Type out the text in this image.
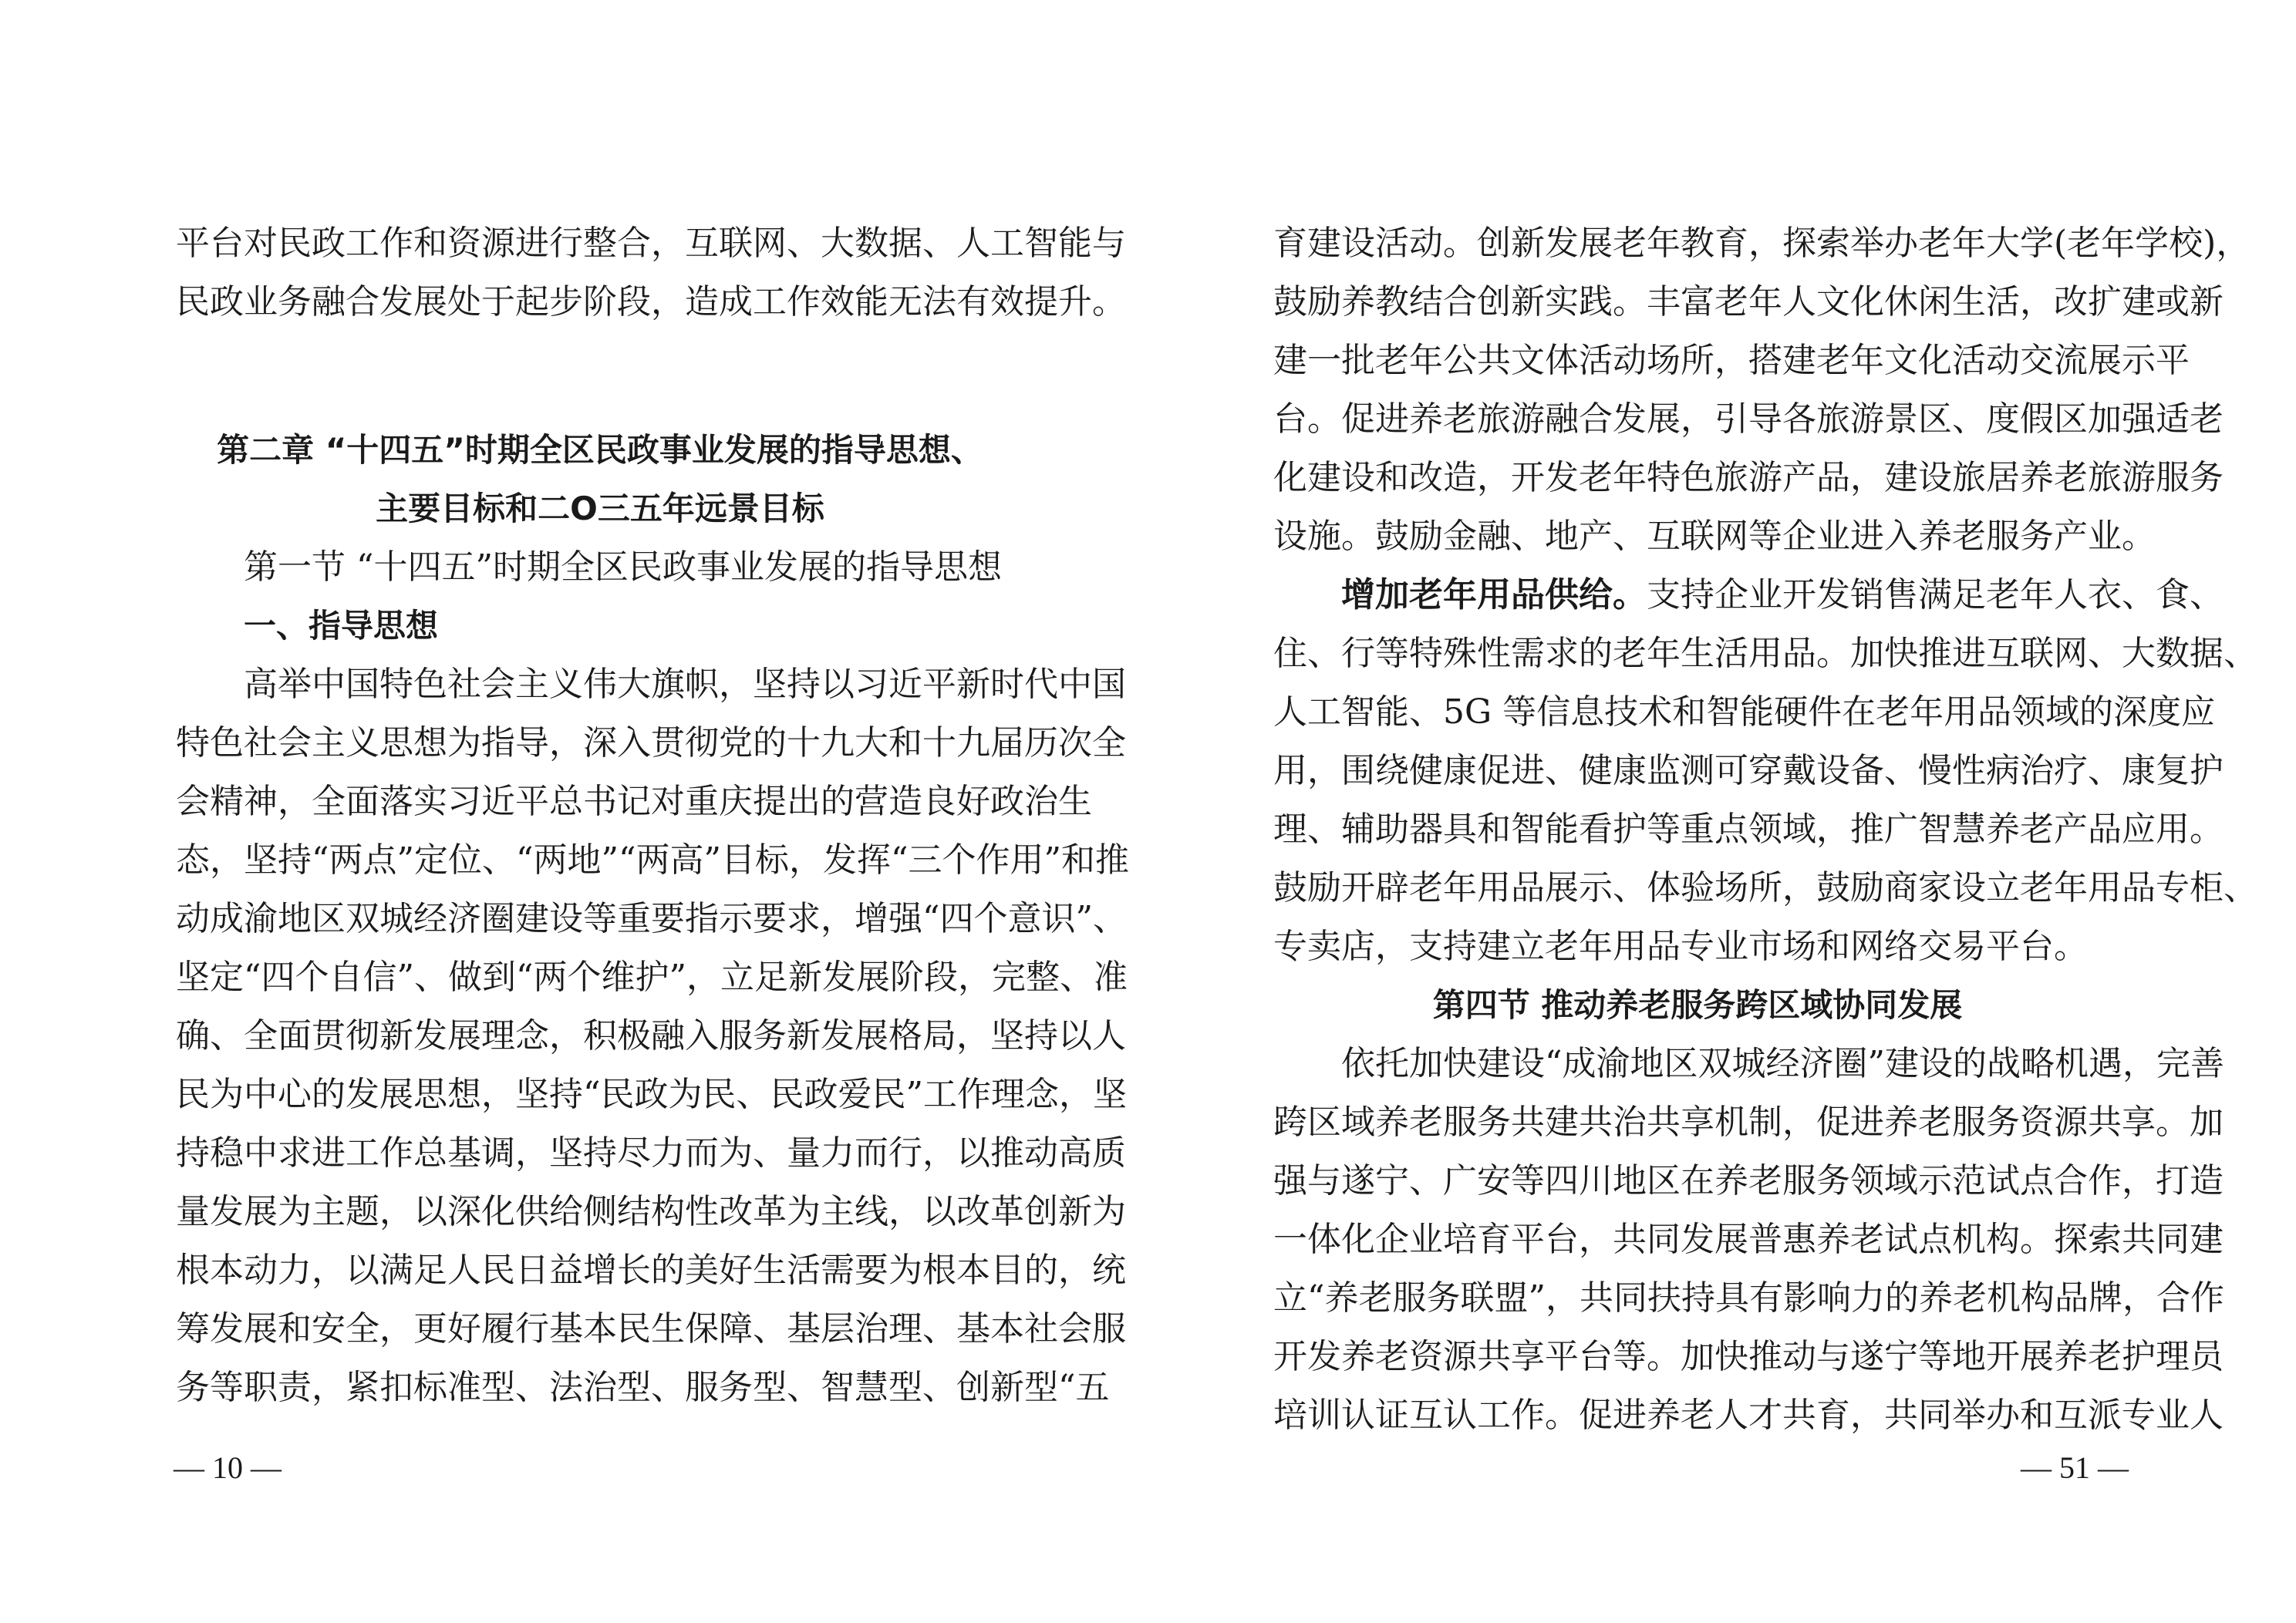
平台对民政工作和资源进行整合，互联网、大数据、人工智能与
民政业务融合发展处于起步阶段，造成工作效能无法有效提升。
第二章 “十四五”时期全区民政事业发展的指导思想、
主要目标和二O三五年远景目标
第一节 “十四五”时期全区民政事业发展的指导思想
一、指导思想
高举中国特色社会主义伟大旗帜，坚持以习近平新时代中国
特色社会主义思想为指导，深入贯彻党的十九大和十九届历次全
会精神，全面落实习近平总书记对重庆提出的营造良好政治生
态，坚持“两点”定位、“两地”“两高”目标，发挥“三个作用”和推
动成渝地区双城经济圈建设等重要指示要求，增强“四个意识”、
坚定“四个自信”、做到“两个维护”，立足新发展阶段，完整、准
确、全面贯彻新发展理念，积极融入服务新发展格局，坚持以人
民为中心的发展思想，坚持“民政为民、民政爱民”工作理念，坚
持稳中求进工作总基调，坚持尽力而为、量力而行，以推动高质
量发展为主题，以深化供给侧结构性改革为主线，以改革创新为
根本动力，以满足人民日益增长的美好生活需要为根本目的，统
筹发展和安全，更好履行基本民生保障、基层治理、基本社会服
务等职责，紧扣标准型、法治型、服务型、智慧型、创新型“五
— 10 —
育建设活动。创新发展老年教育，探索举办老年大学(老年学校)，
鼓励养教结合创新实践。丰富老年人文化休闲生活，改扩建或新
建一批老年公共文体活动场所，搭建老年文化活动交流展示平
台。促进养老旅游融合发展，引导各旅游景区、度假区加强适老
化建设和改造，开发老年特色旅游产品，建设旅居养老旅游服务
设施。鼓励金融、地产、互联网等企业进入养老服务产业。
增加老年用品供给。支持企业开发销售满足老年人衣、食、
住、行等特殊性需求的老年生活用品。加快推进互联网、大数据、
人工智能、5G 等信息技术和智能硬件在老年用品领域的深度应
用，围绕健康促进、健康监测可穿戴设备、慢性病治疗、康复护
理、辅助器具和智能看护等重点领域，推广智慧养老产品应用。
鼓励开辟老年用品展示、体验场所，鼓励商家设立老年用品专柜、
专卖店，支持建立老年用品专业市场和网络交易平台。
第四节 推动养老服务跨区域协同发展
依托加快建设“成渝地区双城经济圈”建设的战略机遇，完善
跨区域养老服务共建共治共享机制，促进养老服务资源共享。加
强与遂宁、广安等四川地区在养老服务领域示范试点合作，打造
一体化企业培育平台，共同发展普惠养老试点机构。探索共同建
立“养老服务联盟”，共同扶持具有影响力的养老机构品牌，合作
开发养老资源共享平台等。加快推动与遂宁等地开展养老护理员
培训认证互认工作。促进养老人才共育，共同举办和互派专业人
— 51 —
